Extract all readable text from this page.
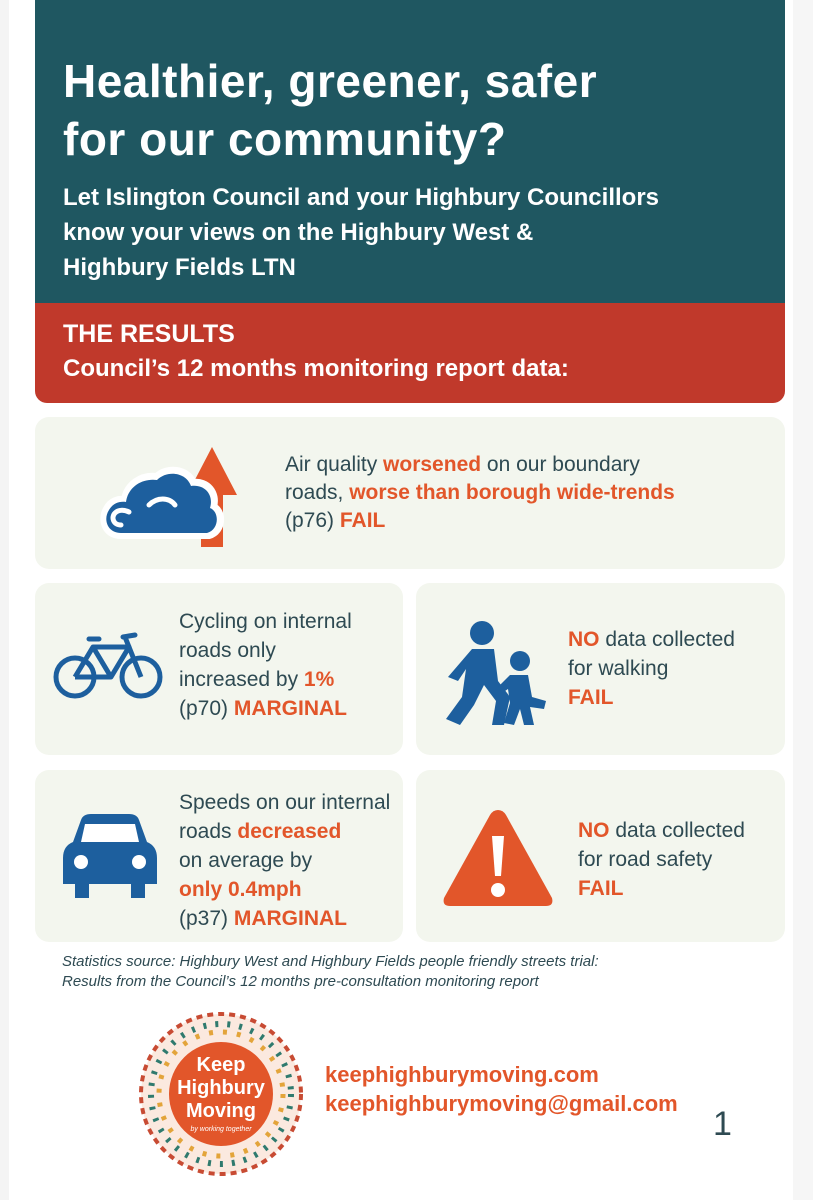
Healthier, greener, safer
for our community?
Let Islington Council and your Highbury Councillors
know your views on the Highbury West &
Highbury Fields LTN
THE RESULTS
Council’s 12 months monitoring report data:
Air quality worsened on our boundary
roads, worse than borough wide-trends
(p76) FAIL
Cycling on internal
roads only
increased by 1%
(p70) MARGINAL
NO data collected
for walking
FAIL
Speeds on our internal
roads decreased
on average by
only 0.4mph
(p37) MARGINAL
NO data collected
for road safety
FAIL
Statistics source: Highbury West and Highbury Fields people friendly streets trial:
Results from the Council’s 12 months pre-consultation monitoring report
Keep
Highbury
Moving
by working together
keephighburymoving.com
keephighburymoving@gmail.com
1
